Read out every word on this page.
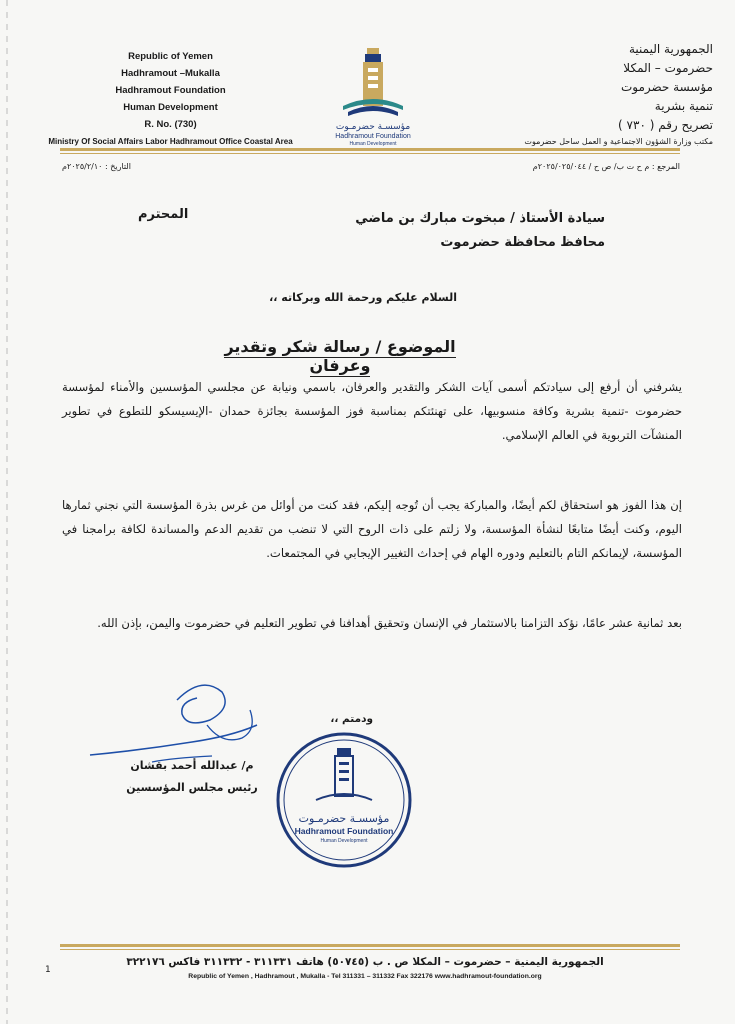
Republic of Yemen
Hadhramout –Mukalla
Hadhramout Foundation
Human Development
R. No. (730)
Ministry Of Social Affairs Labor Hadhramout Office Coastal Area
الجمهورية اليمنية
حضرموت – المكلا
مؤسسة حضرموت
تنمية بشرية
تصريح رقم ( ٧٣٠ )
مكتب وزارة الشؤون الاجتماعية و العمل ساحل حضرموت
مؤسسـة حضرمـوت
Hadhramout Foundation
Human Development
المرجع : م ح ت ب/ ص ح / ٢٠٢٥/٠٢٥/٠٤٤م
التاريخ : ٢٠٢٥/٢/١٠م
سيادة الأستاذ / مبخوت مبارك بن ماضي
محافظ محافظة حضرموت
المحترم
السلام عليكم ورحمة الله وبركاته ،،
الموضوع / رسالة شكر وتقدير وعرفان
يشرفني أن أرفع إلى سيادتكم أسمى آيات الشكر والتقدير والعرفان، باسمي ونيابة عن مجلسي المؤسسين والأمناء لمؤسسة حضرموت -تنمية بشرية وكافة منسوبيها، على تهنئتكم بمناسبة فوز المؤسسة بجائزة حمدان -الإيسيسكو للتطوع في تطوير المنشآت التربوية في العالم الإسلامي.
إن هذا الفوز هو استحقاق لكم أيضًا، والمباركة يجب أن تُوجه إليكم، فقد كنت من أوائل من غرس بذرة المؤسسة التي نجني ثمارها اليوم، وكنت أيضًا متابعًا لنشأة المؤسسة، ولا زلتم على ذات الروح التي لا تنضب من تقديم الدعم والمساندة لكافة برامجنا في المؤسسة، لإيمانكم التام بالتعليم ودوره الهام في إحداث التغيير الإيجابي في المجتمعات.
بعد ثمانية عشر عامًا، نؤكد التزامنا بالاستثمار في الإنسان وتحقيق أهدافنا في تطوير التعليم في حضرموت واليمن، بإذن الله.
ودمتم ،،
م/ عبدالله أحمد بقشان
رئيس مجلس المؤسسين
مؤسسـة حضرمـوت
Hadhramout Foundation
Human Development
الجمهورية اليمنية – حضرموت – المكلا ص . ب (٥٠٧٤٥) هاتف ٣١١٣٣١ - ٣١١٣٣٢ فاكس ٣٢٢١٧٦
Republic of Yemen , Hadhramout , Mukalla - Tel 311331 – 311332 Fax 322176 www.hadhramout-foundation.org
1
